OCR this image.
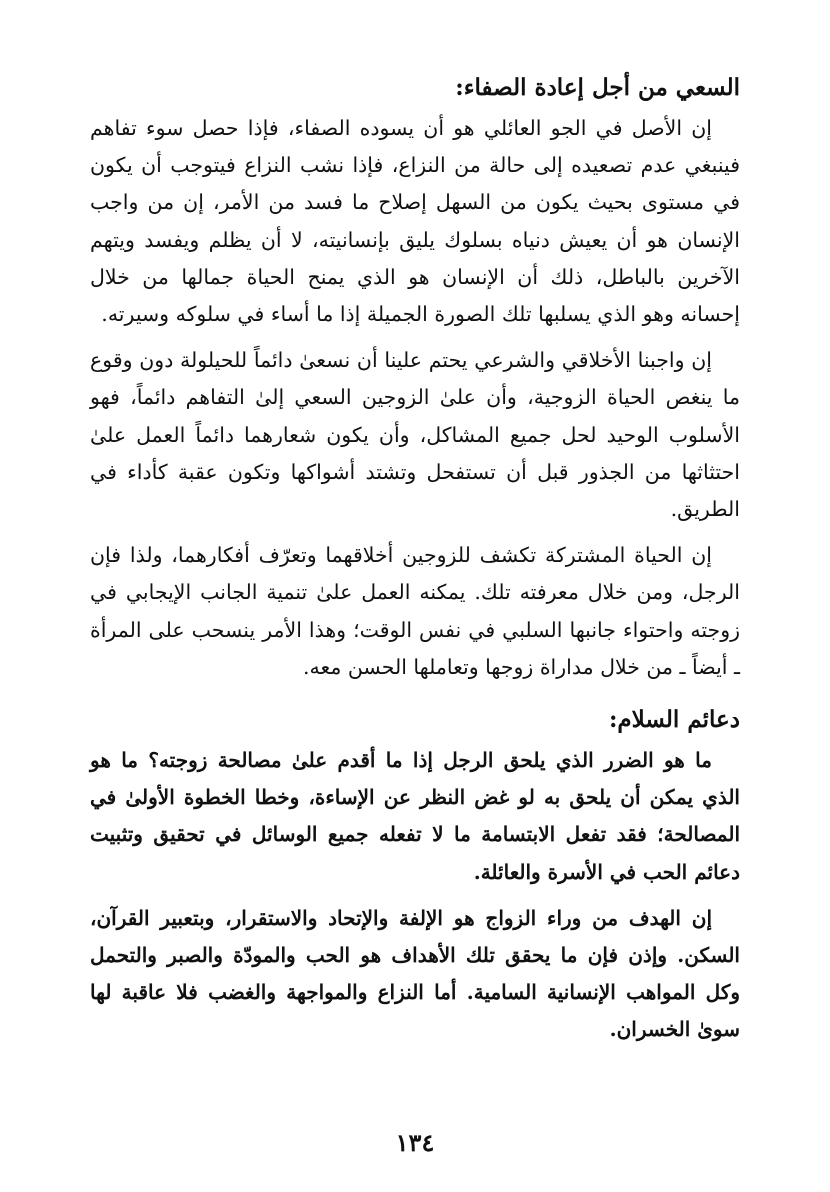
السعي من أجل إعادة الصفاء:

إن الأصل في الجو العائلي هو أن يسوده الصفاء، فإذا حصل سوء تفاهم فينبغي عدم تصعيده إلى حالة من النزاع، فإذا نشب النزاع فيتوجب أن يكون في مستوى بحيث يكون من السهل إصلاح ما فسد من الأمر، إن من واجب الإنسان هو أن يعيش دنياه بسلوك يليق بإنسانيته، لا أن يظلم ويفسد ويتهم الآخرين بالباطل، ذلك أن الإنسان هو الذي يمنح الحياة جمالها من خلال إحسانه وهو الذي يسلبها تلك الصورة الجميلة إذا ما أساء في سلوكه وسيرته.

إن واجبنا الأخلاقي والشرعي يحتم علينا أن نسعىٰ دائماً للحيلولة دون وقوع ما ينغص الحياة الزوجية، وأن علىٰ الزوجين السعي إلىٰ التفاهم دائماً، فهو الأسلوب الوحيد لحل جميع المشاكل، وأن يكون شعارهما دائماً العمل علىٰ احتثاثها من الجذور قبل أن تستفحل وتشتد أشواكها وتكون عقبة كأداء في الطريق.

إن الحياة المشتركة تكشف للزوجين أخلاقهما وتعرّف أفكارهما، ولذا فإن الرجل، ومن خلال معرفته تلك. يمكنه العمل علىٰ تنمية الجانب الإيجابي في زوجته واحتواء جانبها السلبي في نفس الوقت؛ وهذا الأمر ينسحب على المرأة ـ أيضاً ـ من خلال مداراة زوجها وتعاملها الحسن معه.

دعائم السلام:

ما هو الضرر الذي يلحق الرجل إذا ما أقدم علىٰ مصالحة زوجته؟ ما هو الذي يمكن أن يلحق به لو غض النظر عن الإساءة، وخطا الخطوة الأولىٰ في المصالحة؛ فقد تفعل الابتسامة ما لا تفعله جميع الوسائل في تحقيق وتثبيت دعائم الحب في الأسرة والعائلة.

إن الهدف من وراء الزواج هو الإلفة والإتحاد والاستقرار، وبتعبير القرآن، السكن. وإذن فإن ما يحقق تلك الأهداف هو الحب والمودّة والصبر والتحمل وكل المواهب الإنسانية السامية. أما النزاع والمواجهة والغضب فلا عاقبة لها سوىٰ الخسران.

١٣٤
